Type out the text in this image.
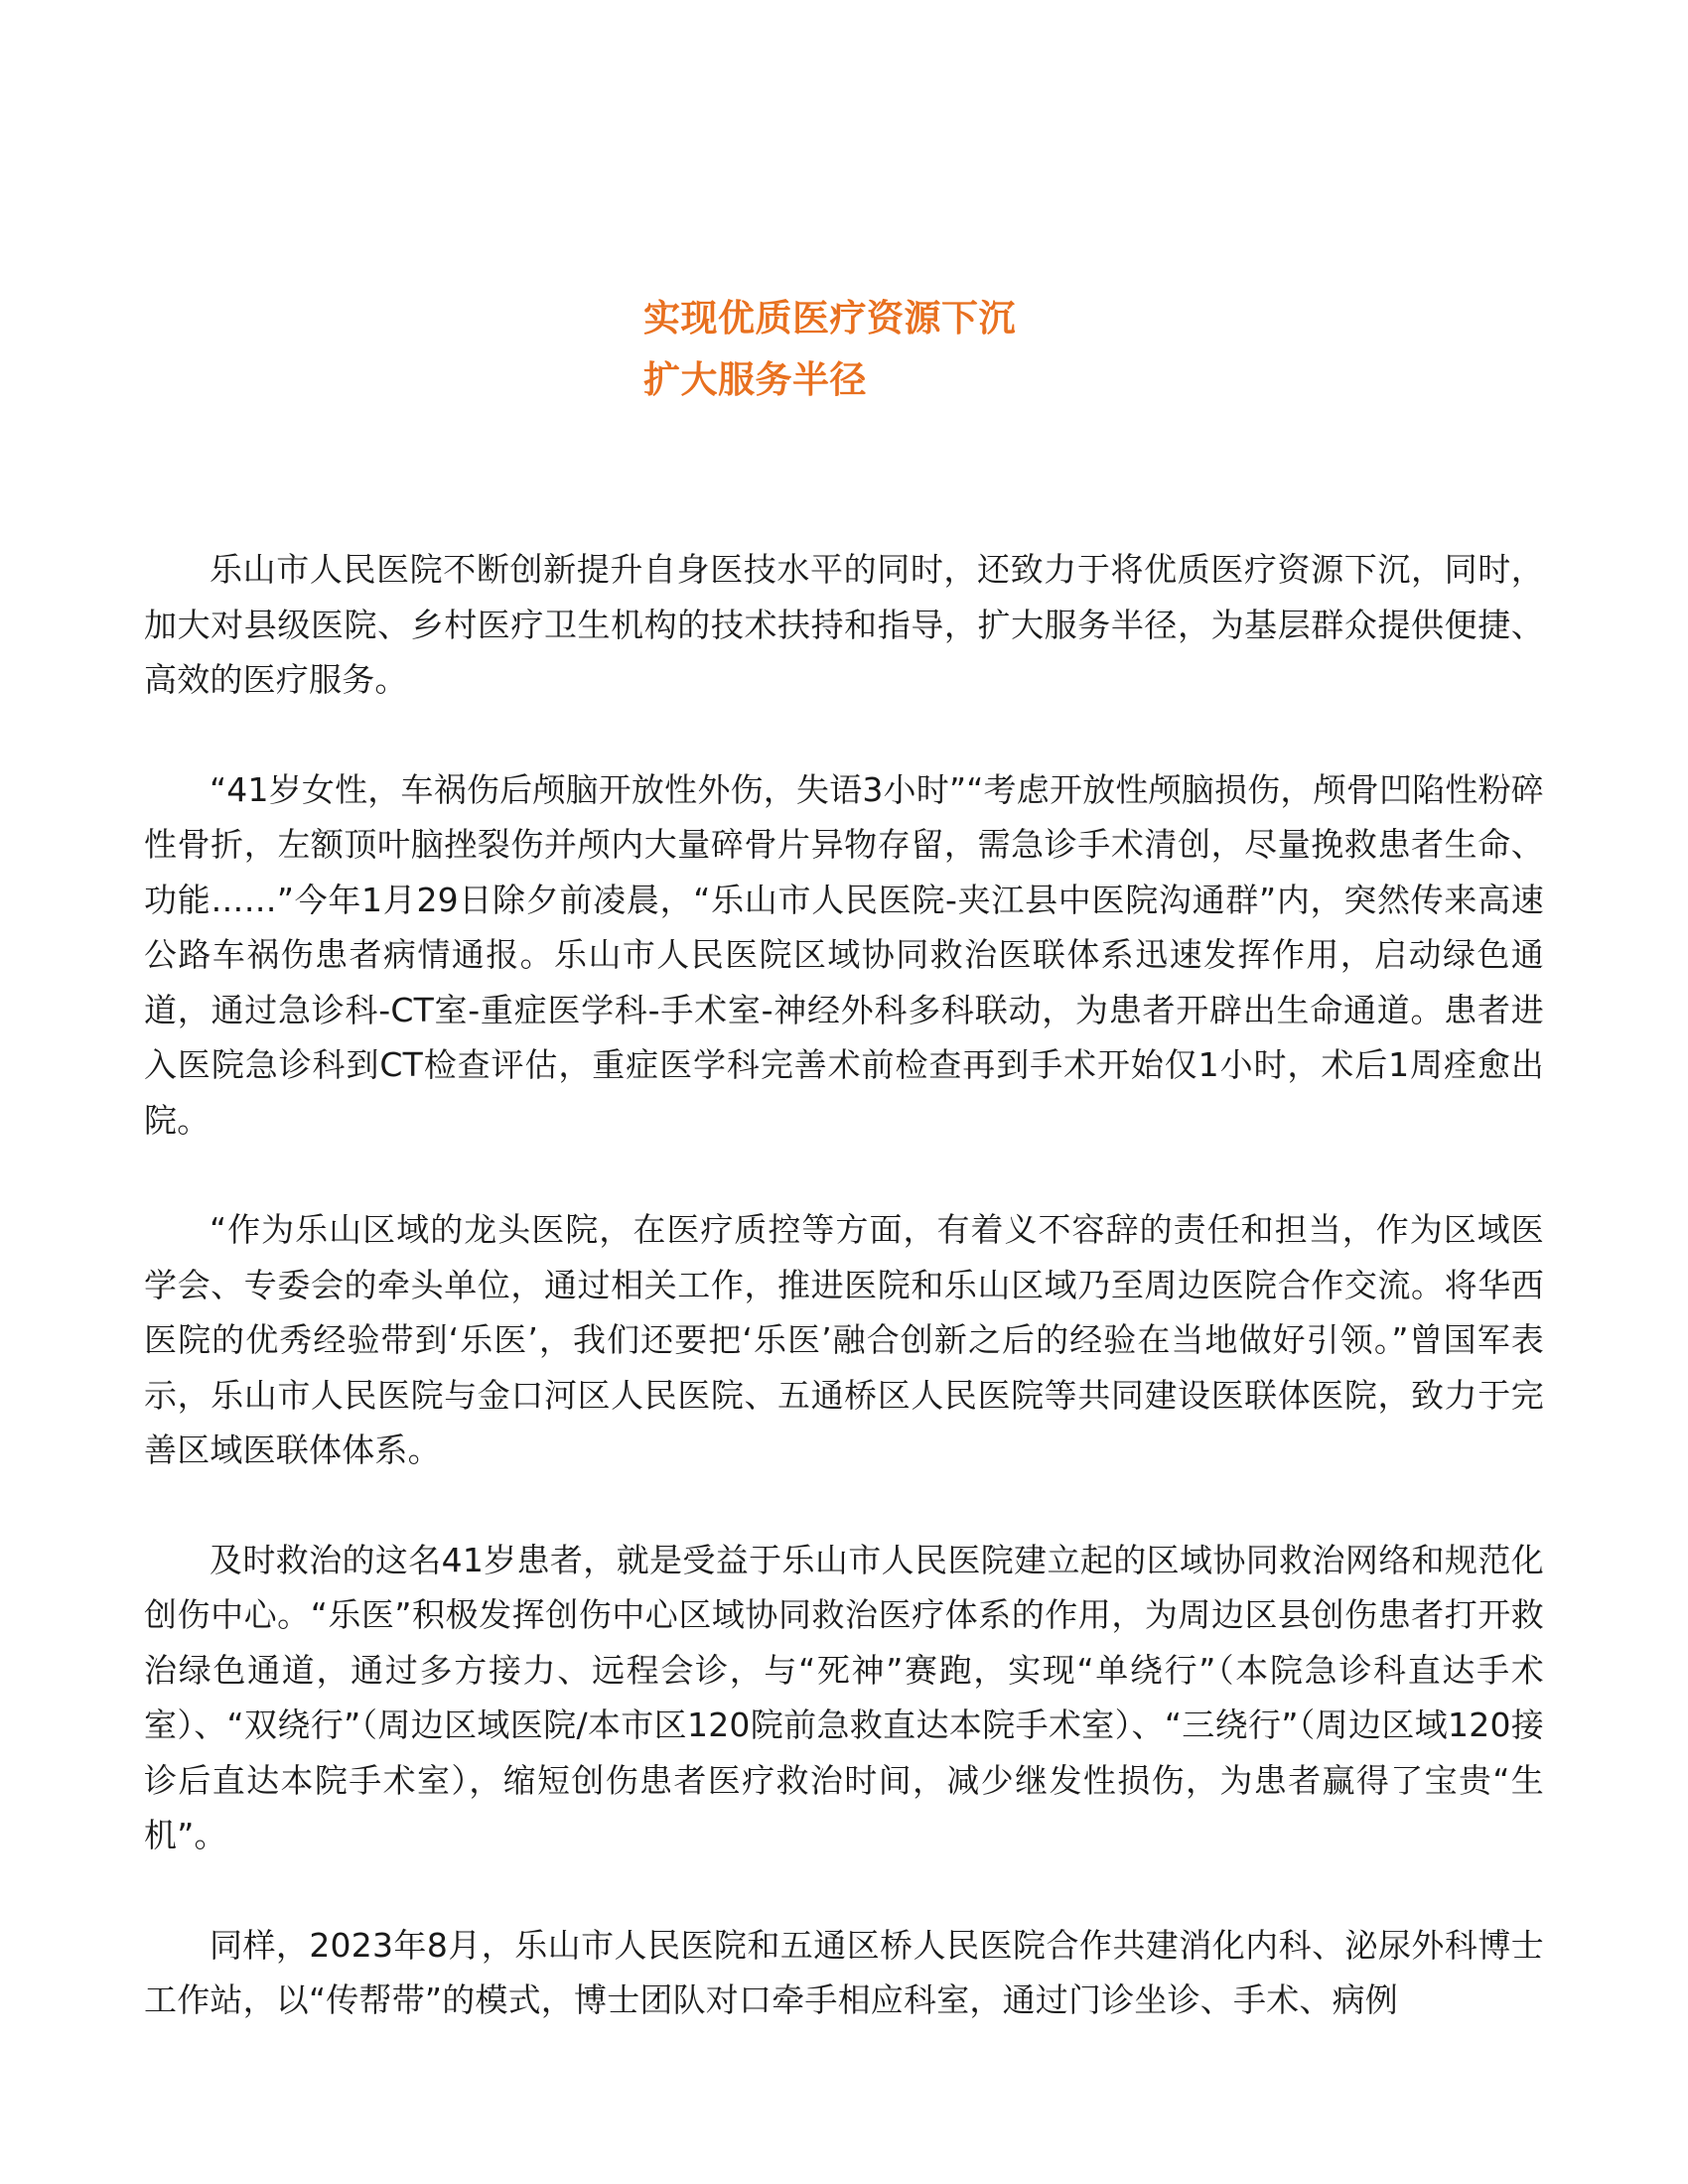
实现优质医疗资源下沉
扩大服务半径

乐山市人民医院不断创新提升自身医技水平的同时，还致力于将优质医疗资源下沉，同时，加大对县级医院、乡村医疗卫生机构的技术扶持和指导，扩大服务半径，为基层群众提供便捷、高效的医疗服务。

“41岁女性，车祸伤后颅脑开放性外伤，失语3小时”“考虑开放性颅脑损伤，颅骨凹陷性粉碎性骨折，左额顶叶脑挫裂伤并颅内大量碎骨片异物存留，需急诊手术清创，尽量挽救患者生命、功能……”今年1月29日除夕前凌晨，“乐山市人民医院-夹江县中医院沟通群”内，突然传来高速公路车祸伤患者病情通报。乐山市人民医院区域协同救治医联体系迅速发挥作用，启动绿色通道，通过急诊科-CT室-重症医学科-手术室-神经外科多科联动，为患者开辟出生命通道。患者进入医院急诊科到CT检查评估，重症医学科完善术前检查再到手术开始仅1小时，术后1周痊愈出院。

“作为乐山区域的龙头医院，在医疗质控等方面，有着义不容辞的责任和担当，作为区域医学会、专委会的牵头单位，通过相关工作，推进医院和乐山区域乃至周边医院合作交流。将华西医院的优秀经验带到‘乐医’，我们还要把‘乐医’融合创新之后的经验在当地做好引领。”曾国军表示，乐山市人民医院与金口河区人民医院、五通桥区人民医院等共同建设医联体医院，致力于完善区域医联体体系。

及时救治的这名41岁患者，就是受益于乐山市人民医院建立起的区域协同救治网络和规范化创伤中心。“乐医”积极发挥创伤中心区域协同救治医疗体系的作用，为周边区县创伤患者打开救治绿色通道，通过多方接力、远程会诊，与“死神”赛跑，实现“单绕行”（本院急诊科直达手术室）、“双绕行”（周边区域医院/本市区120院前急救直达本院手术室）、“三绕行”（周边区域120接诊后直达本院手术室），缩短创伤患者医疗救治时间，减少继发性损伤，为患者赢得了宝贵“生机”。

同样，2023年8月，乐山市人民医院和五通区桥人民医院合作共建消化内科、泌尿外科博士工作站，以“传帮带”的模式，博士团队对口牵手相应科室，通过门诊坐诊、手术、病例
